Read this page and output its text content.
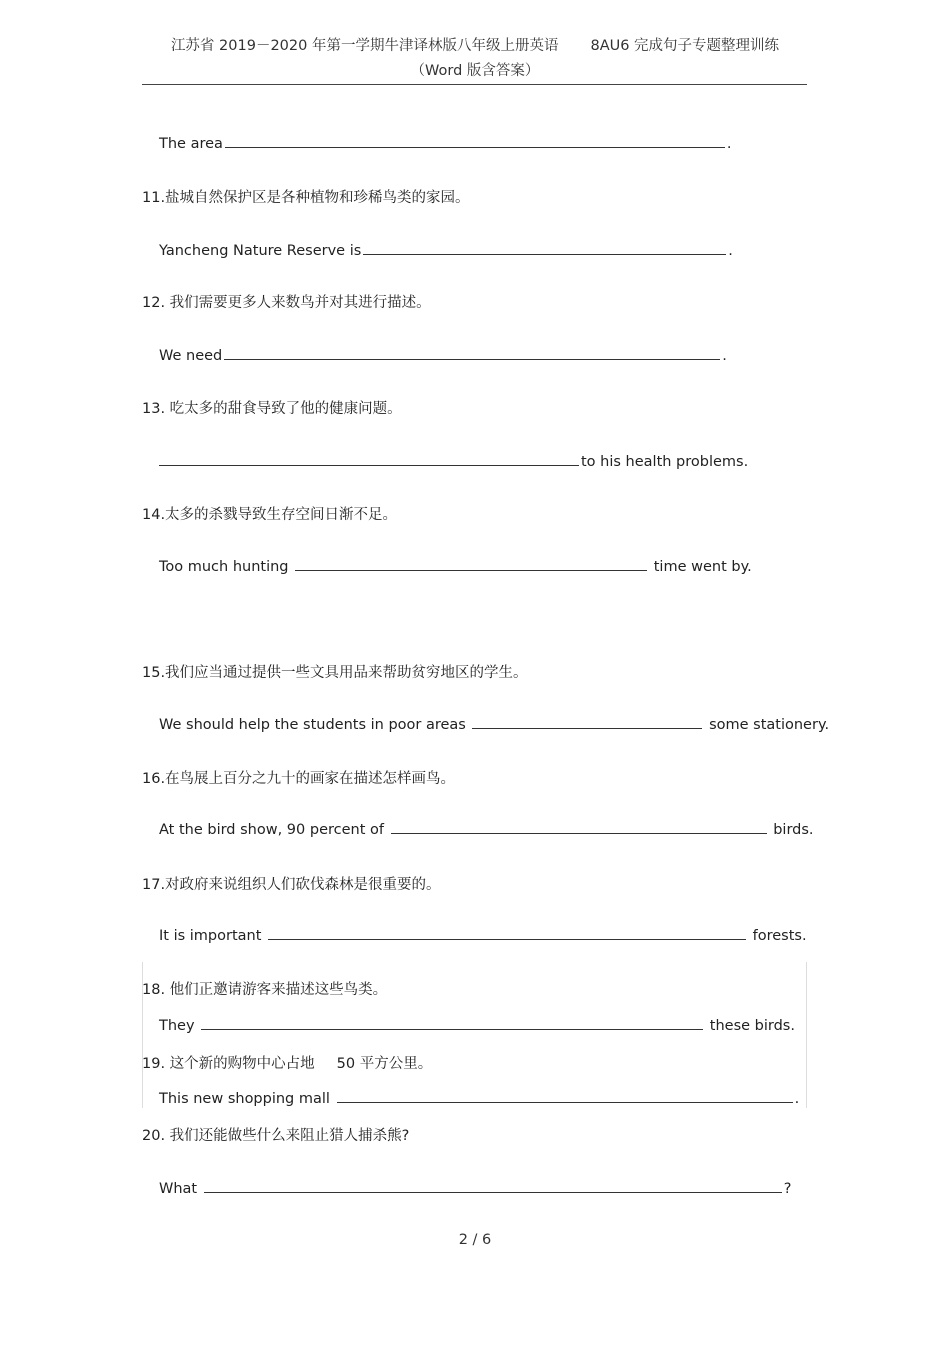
江苏省 2019－2020 年第一学期牛津译林版八年级上册英语 8AU6 完成句子专题整理训练
（Word 版含答案）
The area	.
11.盐城自然保护区是各种植物和珍稀鸟类的家园。
Yancheng Nature Reserve is	.
12. 我们需要更多人来数鸟并对其进行描述。
We need	.
13. 吃太多的甜食导致了他的健康问题。
to his health problems.
14.太多的杀戮导致生存空间日渐不足。
Too much hunting	time went by.
15.我们应当通过提供一些文具用品来帮助贫穷地区的学生。
We should help the students in poor areas	some stationery.
16.在鸟展上百分之九十的画家在描述怎样画鸟。
At the bird show, 90 percent of	birds.
17.对政府来说组织人们砍伐森林是很重要的。
It is important	forests.
18. 他们正邀请游客来描述这些鸟类。
They	these birds.
19. 这个新的购物中心占地 50 平方公里。
This new shopping mall	.
20. 我们还能做些什么来阻止猎人捕杀熊?
What	?
2 / 6
